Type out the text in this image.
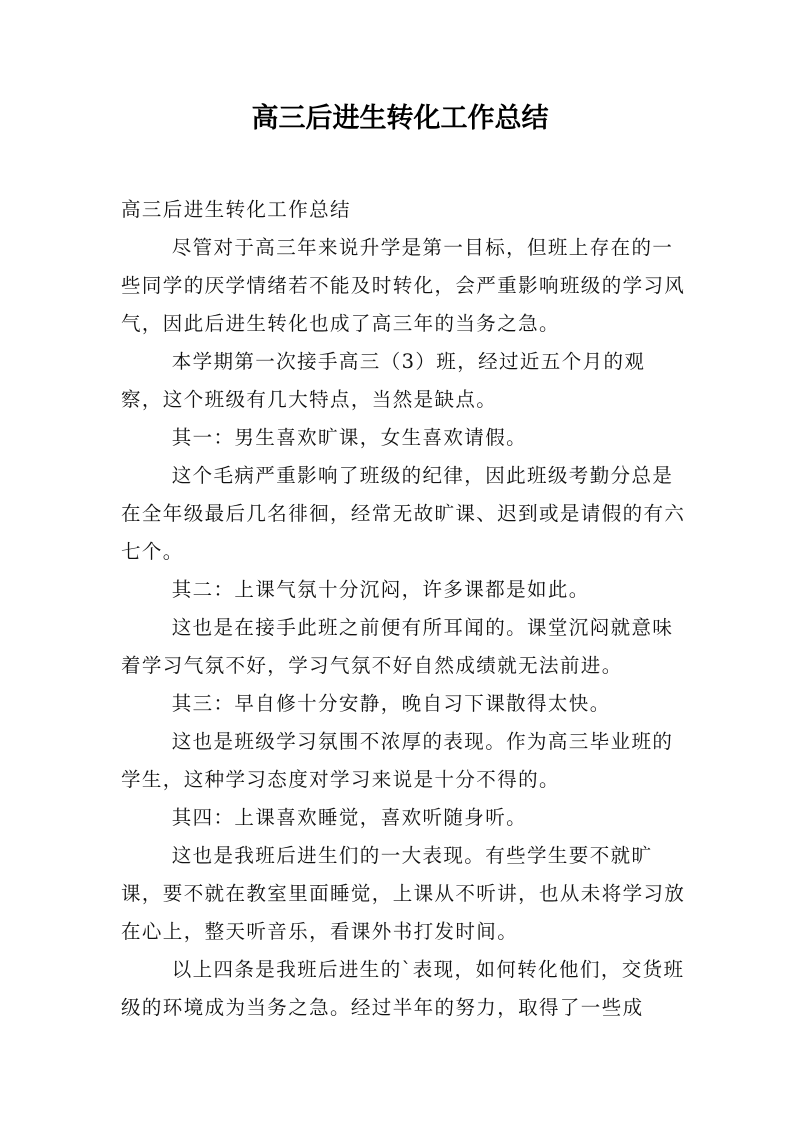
高三后进生转化工作总结

高三后进生转化工作总结

尽管对于高三年来说升学是第一目标，但班上存在的一些同学的厌学情绪若不能及时转化，会严重影响班级的学习风气，因此后进生转化也成了高三年的当务之急。

本学期第一次接手高三（3）班，经过近五个月的观察，这个班级有几大特点，当然是缺点。

其一：男生喜欢旷课，女生喜欢请假。

这个毛病严重影响了班级的纪律，因此班级考勤分总是在全年级最后几名徘徊，经常无故旷课、迟到或是请假的有六七个。

其二：上课气氛十分沉闷，许多课都是如此。

这也是在接手此班之前便有所耳闻的。课堂沉闷就意味着学习气氛不好，学习气氛不好自然成绩就无法前进。

其三：早自修十分安静，晚自习下课散得太快。

这也是班级学习氛围不浓厚的表现。作为高三毕业班的学生，这种学习态度对学习来说是十分不得的。

其四：上课喜欢睡觉，喜欢听随身听。

这也是我班后进生们的一大表现。有些学生要不就旷课，要不就在教室里面睡觉，上课从不听讲，也从未将学习放在心上，整天听音乐，看课外书打发时间。

以上四条是我班后进生的`表现，如何转化他们，交货班级的环境成为当务之急。经过半年的努力，取得了一些成
